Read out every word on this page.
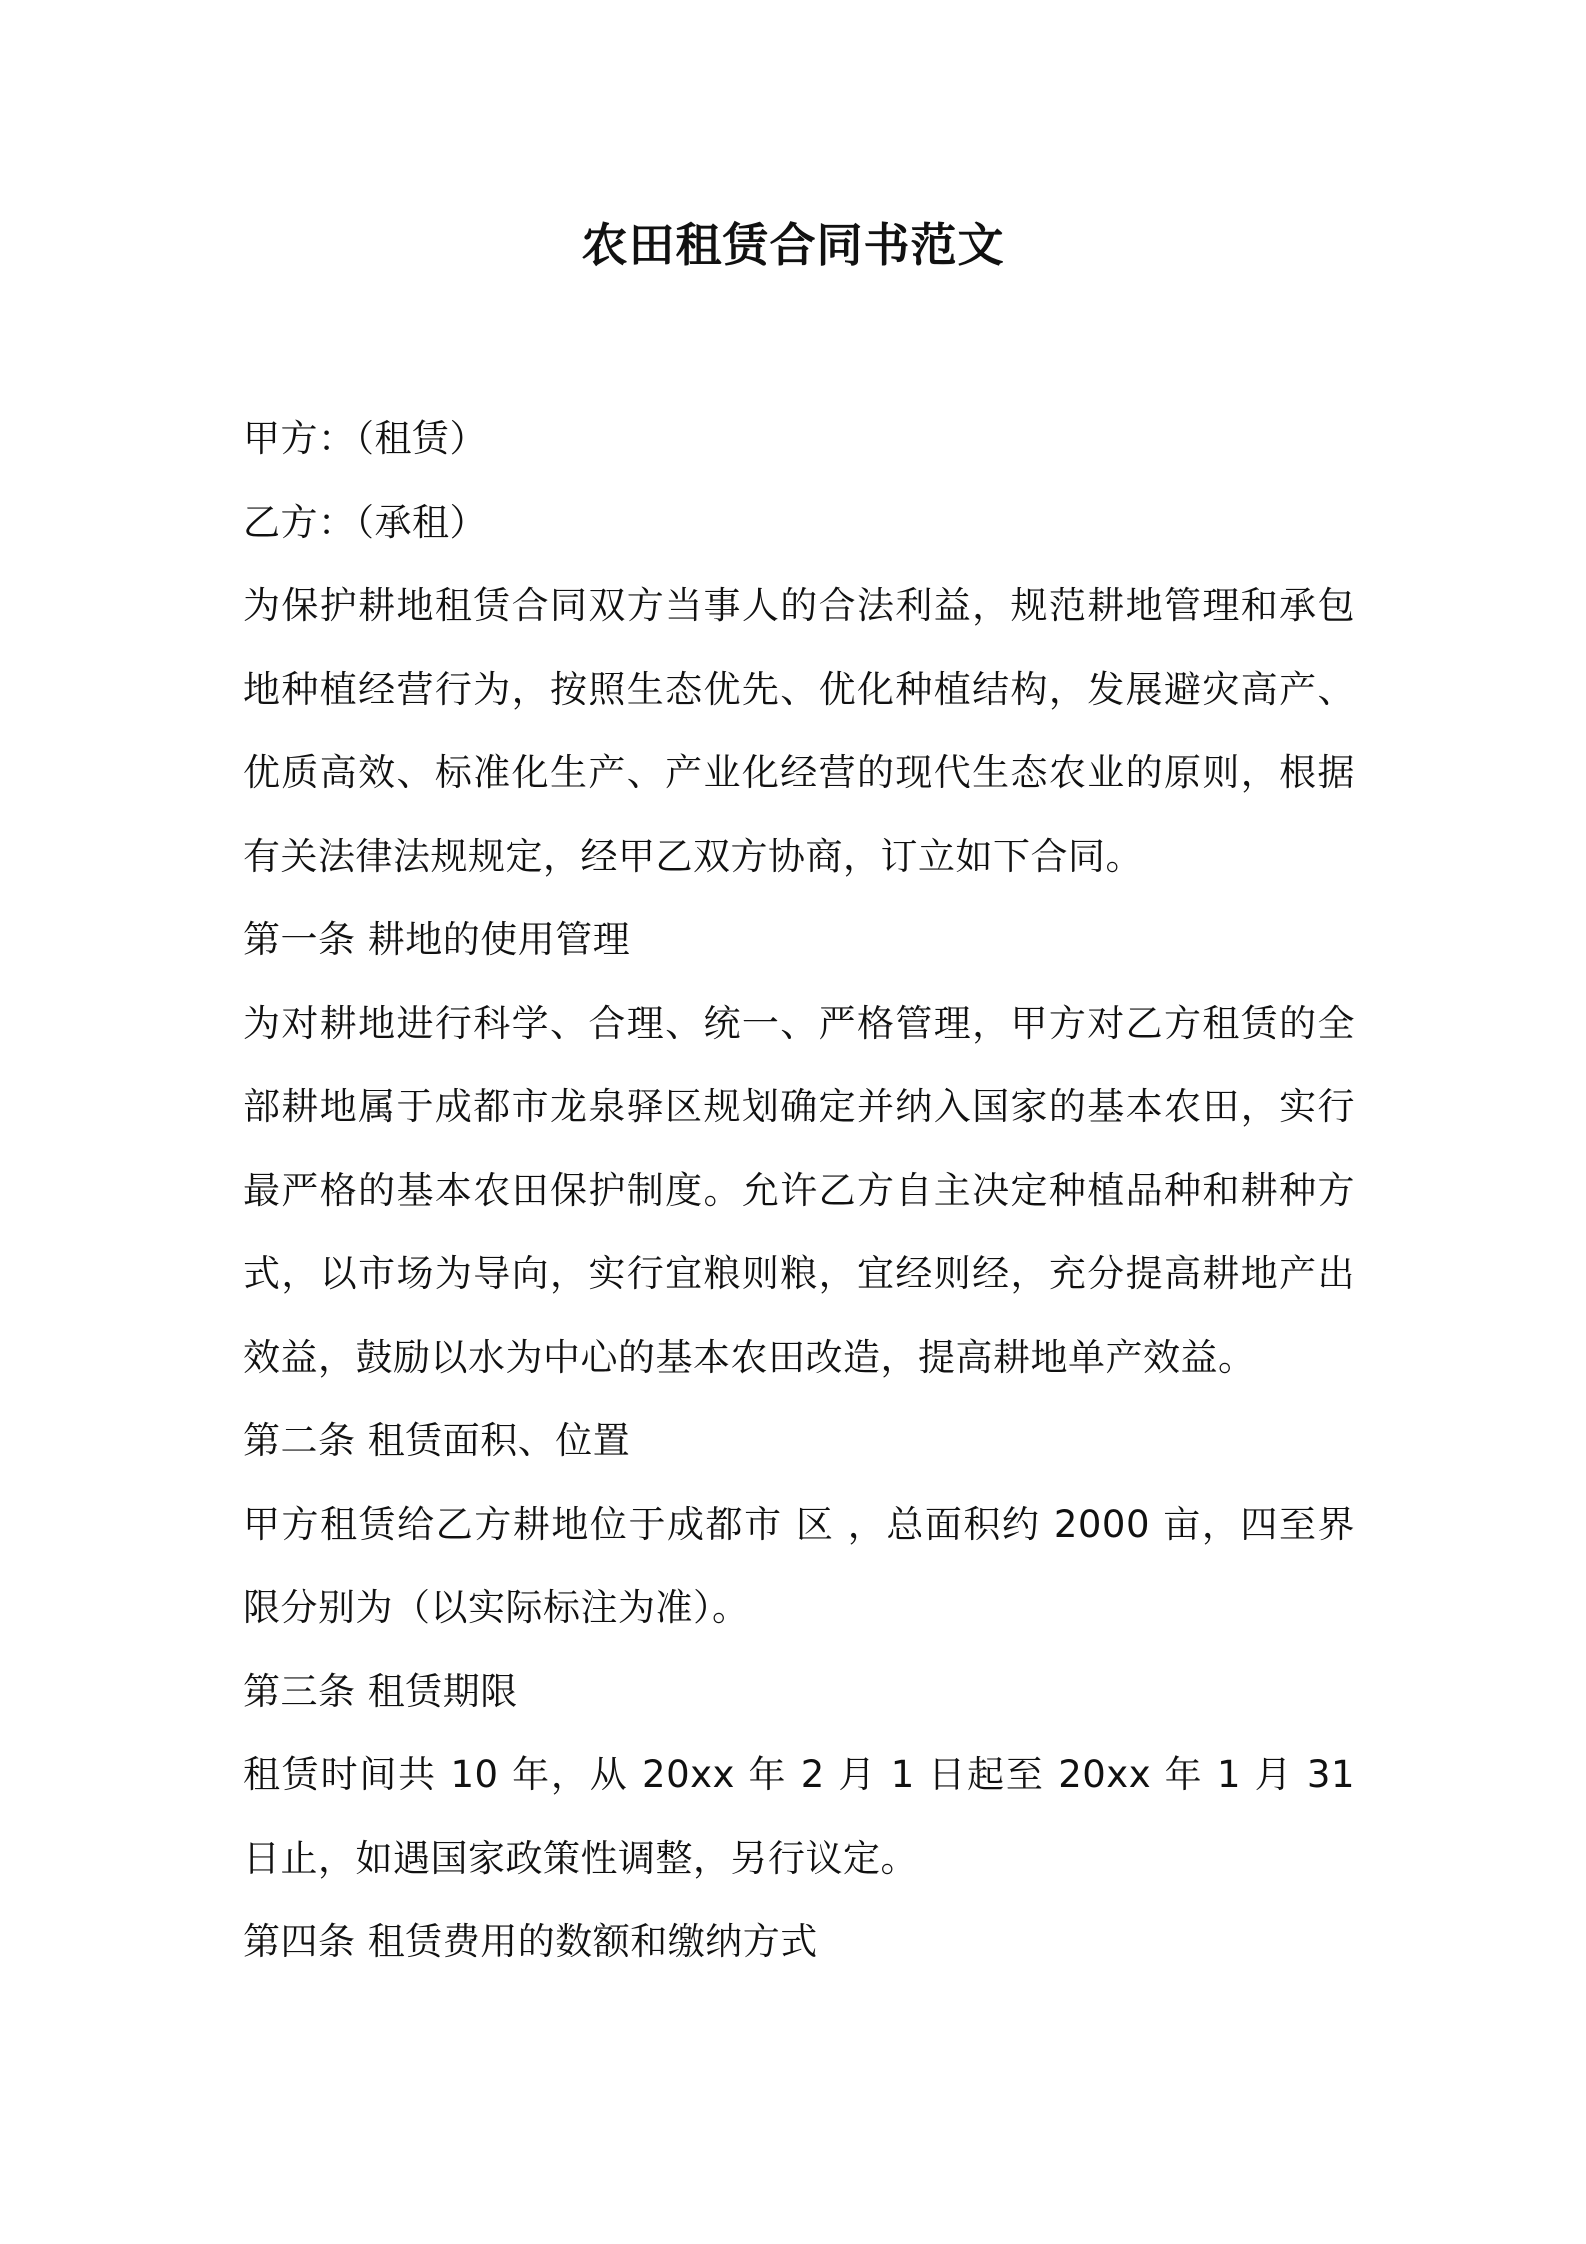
农田租赁合同书范文

甲方：（租赁）

乙方：（承租）

为保护耕地租赁合同双方当事人的合法利益，规范耕地管理和承包地种植经营行为，按照生态优先、优化种植结构，发展避灾高产、优质高效、标准化生产、产业化经营的现代生态农业的原则，根据有关法律法规规定，经甲乙双方协商，订立如下合同。

第一条 耕地的使用管理

为对耕地进行科学、合理、统一、严格管理，甲方对乙方租赁的全部耕地属于成都市龙泉驿区规划确定并纳入国家的基本农田，实行最严格的基本农田保护制度。允许乙方自主决定种植品种和耕种方式，以市场为导向，实行宜粮则粮，宜经则经，充分提高耕地产出效益，鼓励以水为中心的基本农田改造，提高耕地单产效益。

第二条 租赁面积、位置

甲方租赁给乙方耕地位于成都市 区 ，总面积约 2000 亩，四至界限分别为（以实际标注为准）。

第三条 租赁期限

租赁时间共 10 年，从 20xx 年 2 月 1 日起至 20xx 年 1 月 31 日止，如遇国家政策性调整，另行议定。

第四条 租赁费用的数额和缴纳方式
